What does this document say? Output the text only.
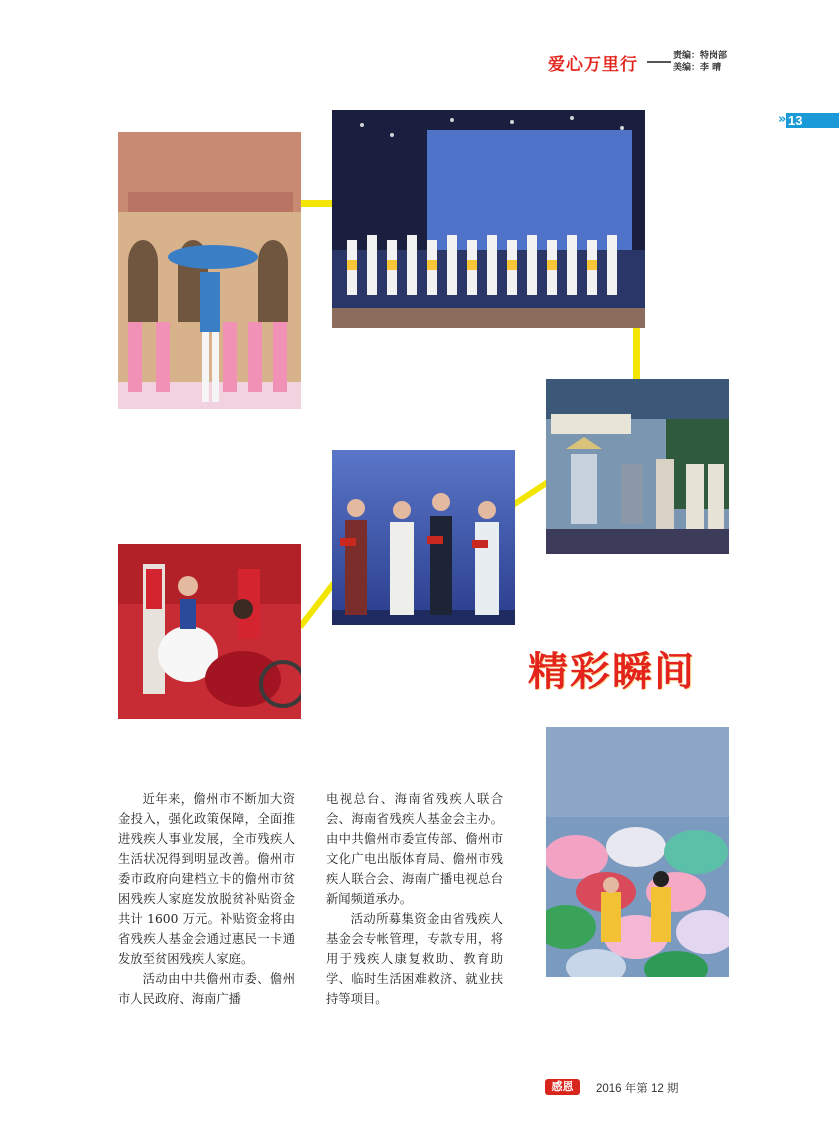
爱心万里行	责编：特岗部
美编：李 晴
» 13
精彩瞬间

近年来，儋州市不断加大资金投入，强化政策保障，全面推进残疾人事业发展，全市残疾人生活状况得到明显改善。儋州市委市政府向建档立卡的儋州市贫困残疾人家庭发放脱贫补贴资金共计 1600 万元。补贴资金将由省残疾人基金会通过惠民一卡通发放至贫困残疾人家庭。

活动由中共儋州市委、儋州市人民政府、海南广播

电视总台、海南省残疾人联合会、海南省残疾人基金会主办。由中共儋州市委宣传部、儋州市文化广电出版体育局、儋州市残疾人联合会、海南广播电视总台新闻频道承办。

活动所募集资金由省残疾人基金会专帐管理，专款专用，将用于残疾人康复救助、教育助学、临时生活困难救济、就业扶持等项目。

感恩	2016 年第 12 期
